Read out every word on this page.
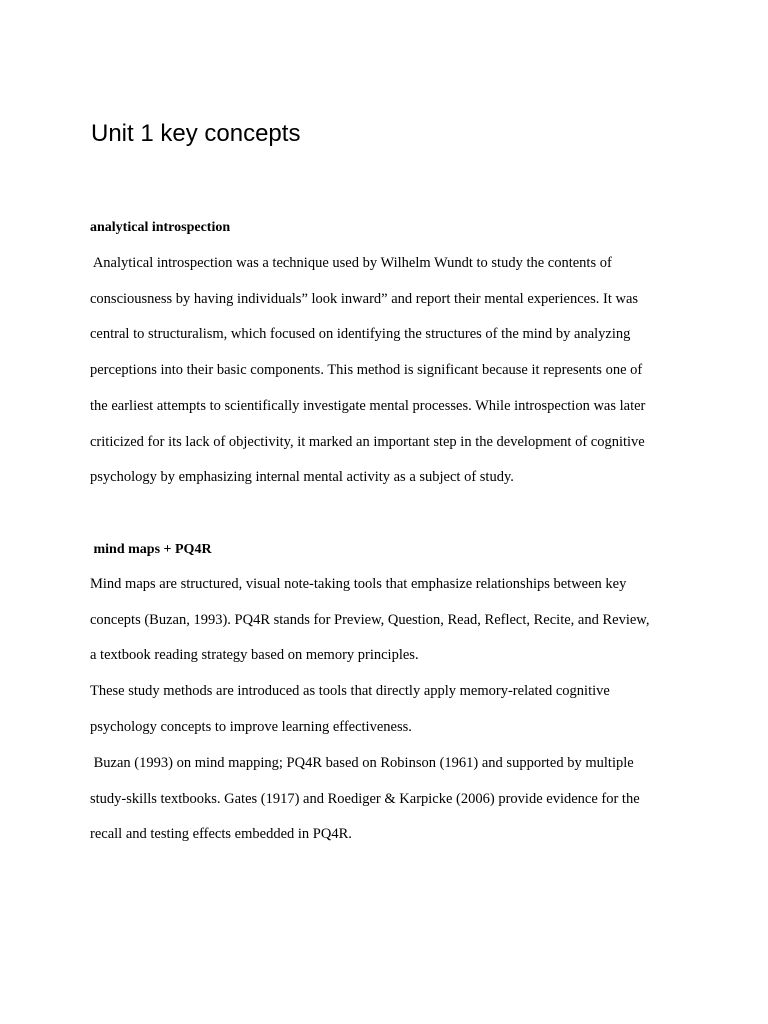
Unit 1 key concepts
analytical introspection
Analytical introspection was a technique used by Wilhelm Wundt to study the contents of
consciousness by having individuals” look inward” and report their mental experiences. It was
central to structuralism, which focused on identifying the structures of the mind by analyzing
perceptions into their basic components. This method is significant because it represents one of
the earliest attempts to scientifically investigate mental processes. While introspection was later
criticized for its lack of objectivity, it marked an important step in the development of cognitive
psychology by emphasizing internal mental activity as a subject of study.
mind maps + PQ4R
Mind maps are structured, visual note-taking tools that emphasize relationships between key
concepts (Buzan, 1993). PQ4R stands for Preview, Question, Read, Reflect, Recite, and Review,
a textbook reading strategy based on memory principles.
These study methods are introduced as tools that directly apply memory-related cognitive
psychology concepts to improve learning effectiveness.
Buzan (1993) on mind mapping; PQ4R based on Robinson (1961) and supported by multiple
study-skills textbooks. Gates (1917) and Roediger & Karpicke (2006) provide evidence for the
recall and testing effects embedded in PQ4R.
